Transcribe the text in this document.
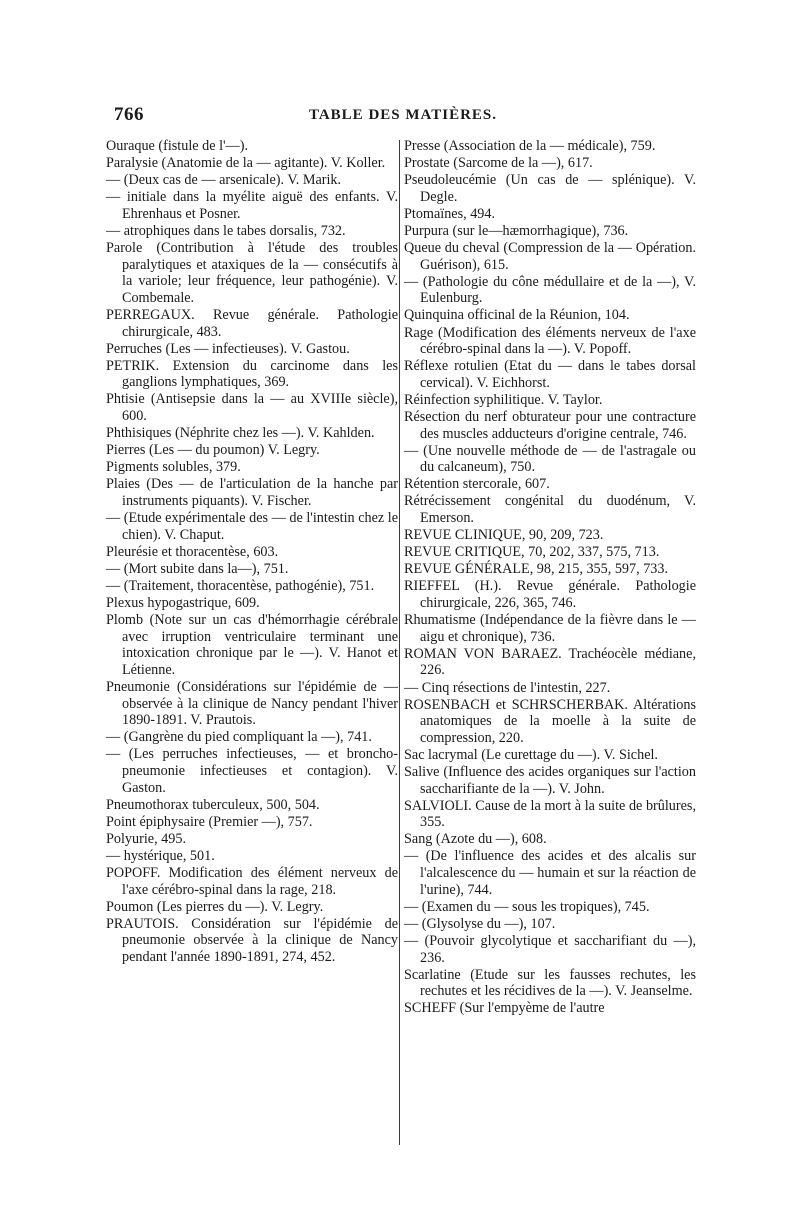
766	TABLE DES MATIÈRES.

Ouraque (fistule de l'—).

Paralysie (Anatomie de la — agitante). V. Koller.

— (Deux cas de — arsenicale). V. Marik.

— initiale dans la myélite aiguë des enfants. V. Ehrenhaus et Posner.

— atrophiques dans le tabes dorsalis, 732.

Parole (Contribution à l'étude des troubles paralytiques et ataxiques de la — consécutifs à la variole; leur fréquence, leur pathogénie). V. Combemale.

PERREGAUX. Revue générale. Pathologie chirurgicale, 483.

Perruches (Les — infectieuses). V. Gastou.

PETRIK. Extension du carcinome dans les ganglions lymphatiques, 369.

Phtisie (Antisepsie dans la — au XVIIIe siècle), 600.

Phthisiques (Néphrite chez les —). V. Kahlden.

Pierres (Les — du poumon) V. Legry.

Pigments solubles, 379.

Plaies (Des — de l'articulation de la hanche par instruments piquants). V. Fischer.

— (Etude expérimentale des — de l'intestin chez le chien). V. Chaput.

Pleurésie et thoracentèse, 603.

— (Mort subite dans la—), 751.

— (Traitement, thoracentèse, pathogénie), 751.

Plexus hypogastrique, 609.

Plomb (Note sur un cas d'hémorrhagie cérébrale avec irruption ventriculaire terminant une intoxication chronique par le —). V. Hanot et Létienne.

Pneumonie (Considérations sur l'épidémie de — observée à la clinique de Nancy pendant l'hiver 1890-1891. V. Prautois.

— (Gangrène du pied compliquant la —), 741.

— (Les perruches infectieuses, — et broncho-pneumonie infectieuses et contagion). V. Gaston.

Pneumothorax tuberculeux, 500, 504.

Point épiphysaire (Premier —), 757.

Polyurie, 495.

— hystérique, 501.

POPOFF. Modification des élément nerveux de l'axe cérébro-spinal dans la rage, 218.

Poumon (Les pierres du —). V. Legry.

PRAUTOIS. Considération sur l'épidémie de pneumonie observée à la clinique de Nancy pendant l'année 1890-1891, 274, 452.

Presse (Association de la — médicale), 759.

Prostate (Sarcome de la —), 617.

Pseudoleucémie (Un cas de — splénique). V. Degle.

Ptomaïnes, 494.

Purpura (sur le—hæmorrhagique), 736.

Queue du cheval (Compression de la — Opération. Guérison), 615.

— (Pathologie du cône médullaire et de la —), V. Eulenburg.

Quinquina officinal de la Réunion, 104.

Rage (Modification des éléments nerveux de l'axe cérébro-spinal dans la —). V. Popoff.

Réflexe rotulien (Etat du — dans le tabes dorsal cervical). V. Eichhorst.

Réinfection syphilitique. V. Taylor.

Résection du nerf obturateur pour une contracture des muscles adducteurs d'origine centrale, 746.

— (Une nouvelle méthode de — de l'astragale ou du calcaneum), 750.

Rétention stercorale, 607.

Rétrécissement congénital du duodénum, V. Emerson.

REVUE CLINIQUE, 90, 209, 723.

REVUE CRITIQUE, 70, 202, 337, 575, 713.

REVUE GÉNÉRALE, 98, 215, 355, 597, 733.

RIEFFEL (H.). Revue générale. Pathologie chirurgicale, 226, 365, 746.

Rhumatisme (Indépendance de la fièvre dans le — aigu et chronique), 736.

ROMAN VON BARAEZ. Trachéocèle médiane, 226.

— Cinq résections de l'intestin, 227.

ROSENBACH et SCHRSCHERBAK. Altérations anatomiques de la moelle à la suite de compression, 220.

Sac lacrymal (Le curettage du —). V. Sichel.

Salive (Influence des acides organiques sur l'action saccharifiante de la —). V. John.

SALVIOLI. Cause de la mort à la suite de brûlures, 355.

Sang (Azote du —), 608.

— (De l'influence des acides et des alcalis sur l'alcalescence du — humain et sur la réaction de l'urine), 744.

— (Examen du — sous les tropiques), 745.

— (Glysolyse du —), 107.

— (Pouvoir glycolytique et saccharifiant du —), 236.

Scarlatine (Etude sur les fausses rechutes, les rechutes et les récidives de la —). V. Jeanselme.

SCHEFF (Sur l'empyème de l'autre
